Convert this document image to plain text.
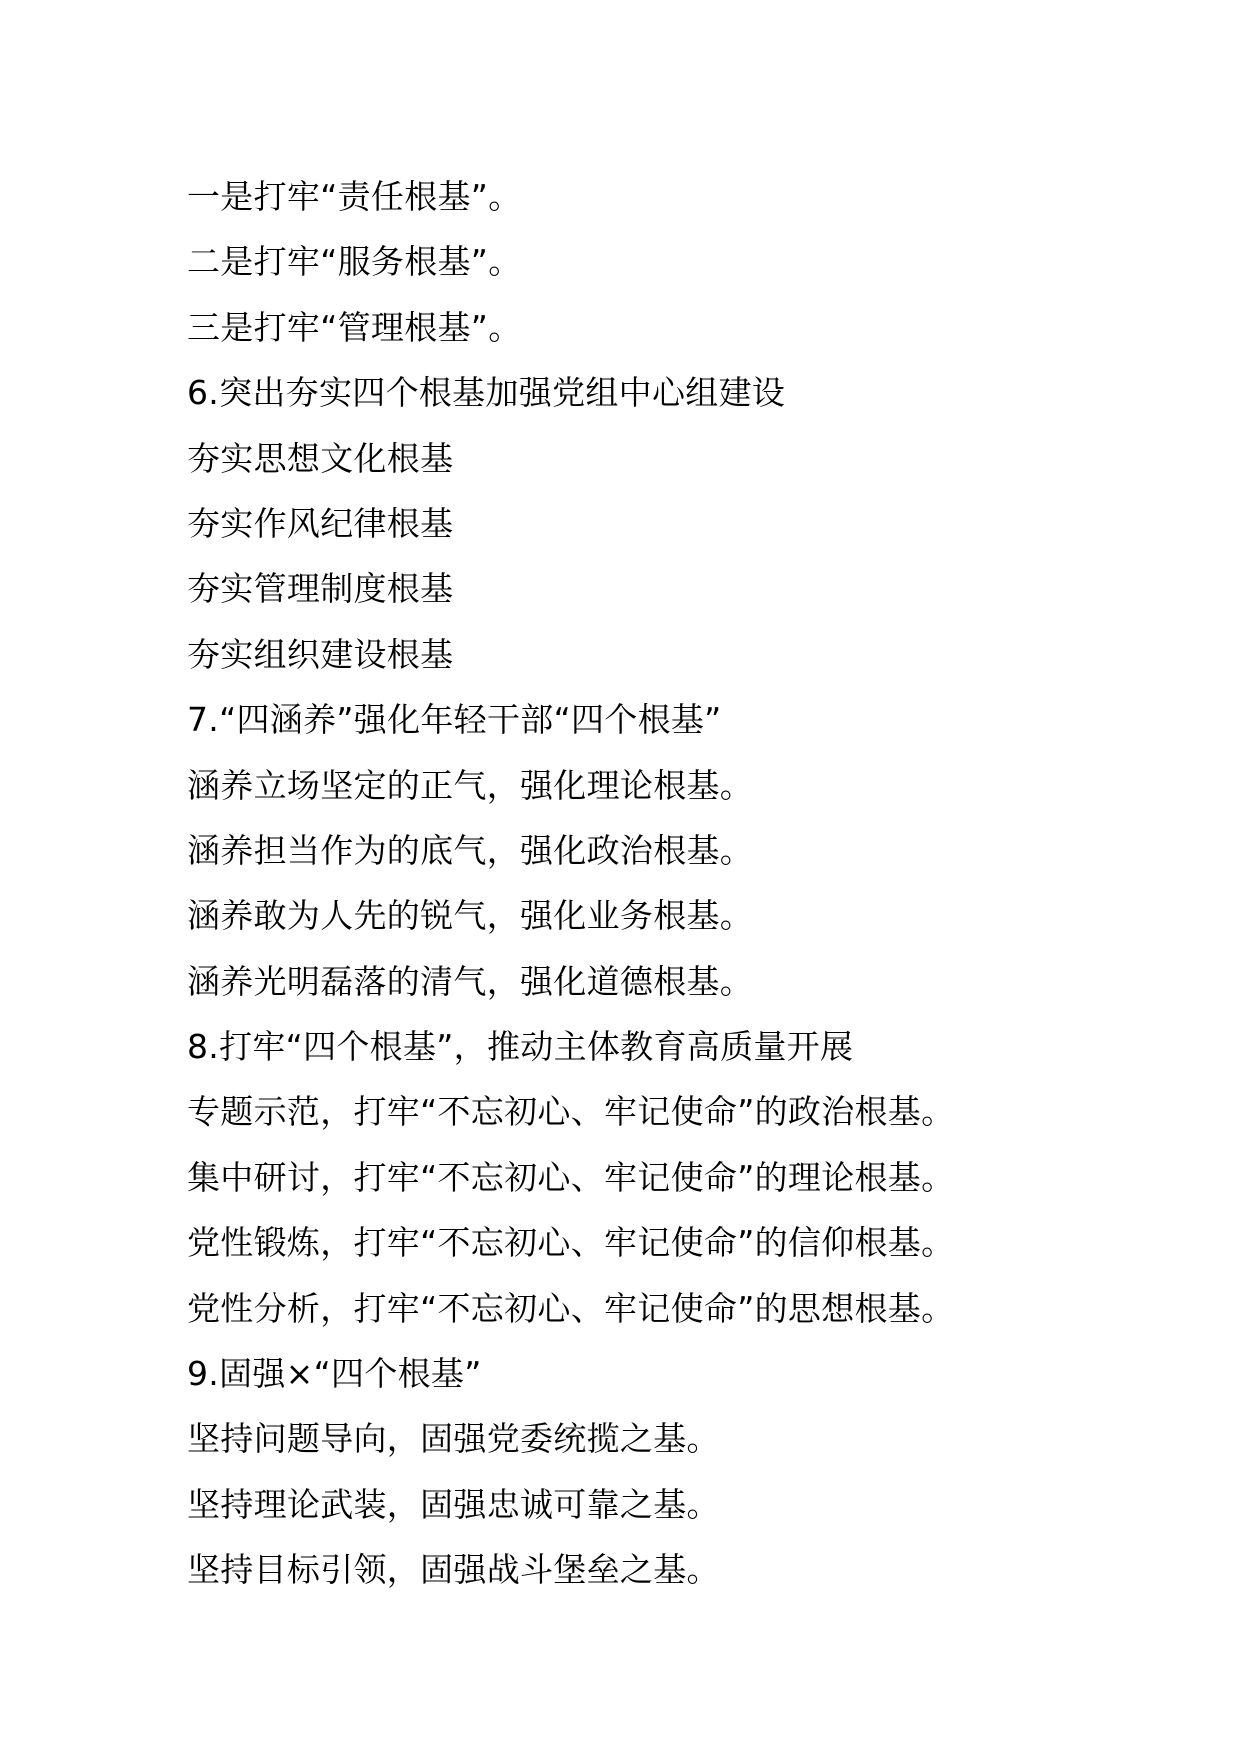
一是打牢“责任根基”。
二是打牢“服务根基”。
三是打牢“管理根基”。
6.突出夯实四个根基加强党组中心组建设
夯实思想文化根基
夯实作风纪律根基
夯实管理制度根基
夯实组织建设根基
7.“四涵养”强化年轻干部“四个根基”
涵养立场坚定的正气，强化理论根基。
涵养担当作为的底气，强化政治根基。
涵养敢为人先的锐气，强化业务根基。
涵养光明磊落的清气，强化道德根基。
8.打牢“四个根基”，推动主体教育高质量开展
专题示范，打牢“不忘初心、牢记使命”的政治根基。
集中研讨，打牢“不忘初心、牢记使命”的理论根基。
党性锻炼，打牢“不忘初心、牢记使命”的信仰根基。
党性分析，打牢“不忘初心、牢记使命”的思想根基。
9.固强×“四个根基”
坚持问题导向，固强党委统揽之基。
坚持理论武装，固强忠诚可靠之基。
坚持目标引领，固强战斗堡垒之基。
